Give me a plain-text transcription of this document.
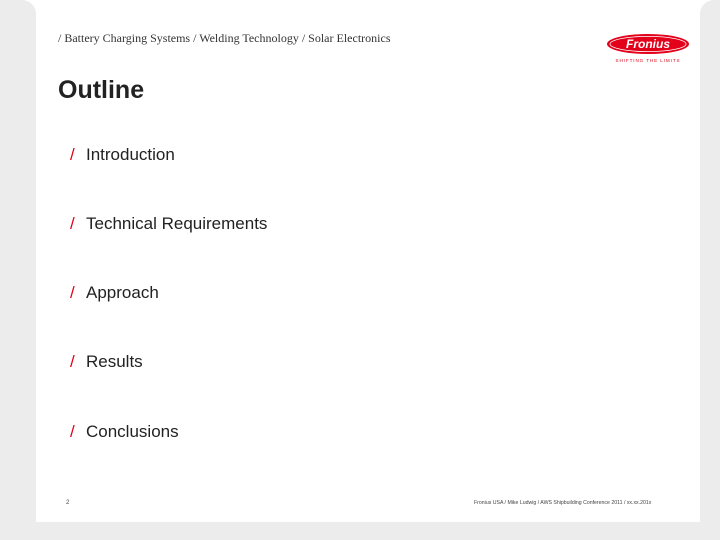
/ Battery Charging Systems / Welding Technology / Solar Electronics	Fronius
SHIFTING THE LIMITS
Outline
/ Introduction
/ Technical Requirements
/ Approach
/ Results
/ Conclusions
2	Fronius USA / Mike Ludwig / AWS Shipbuilding Conference 2011 / xx.xx.201x
